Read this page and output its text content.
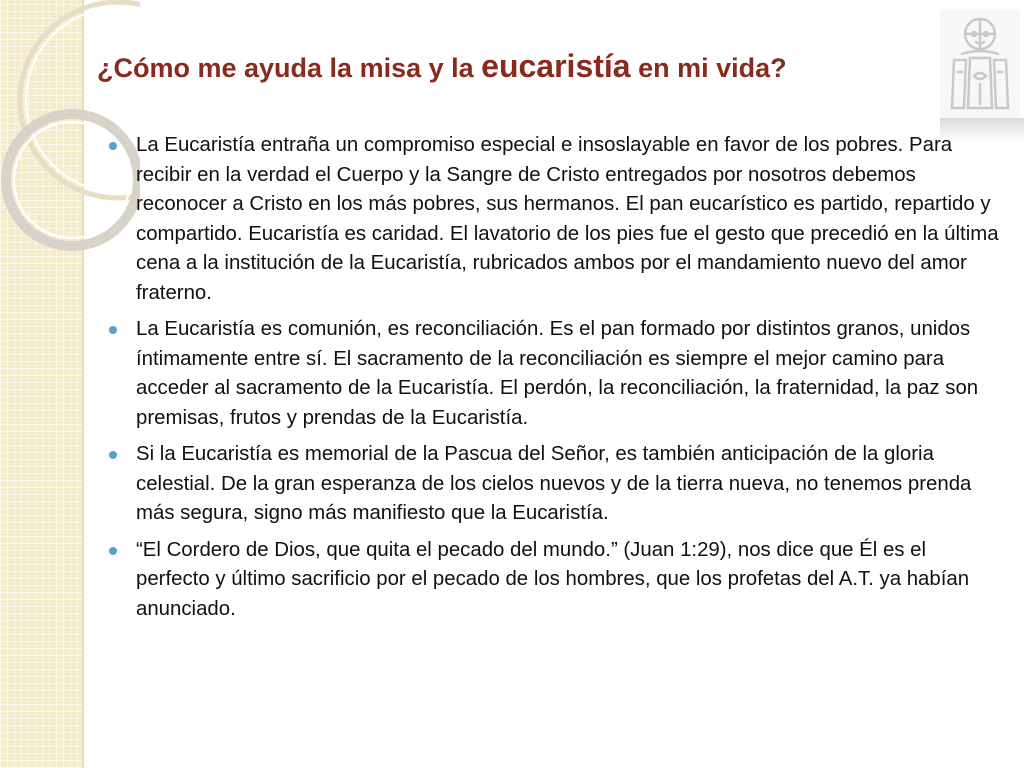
¿Cómo me ayuda la misa y la eucaristía en mi vida?
La Eucaristía entraña un compromiso especial e insoslayable en favor de los pobres. Para recibir en la verdad el Cuerpo y la Sangre de Cristo entregados por nosotros debemos reconocer a Cristo en los más pobres, sus hermanos. El pan eucarístico es partido, repartido y compartido. Eucaristía es caridad. El lavatorio de los pies fue el gesto que precedió en la última cena a la institución de la Eucaristía, rubricados ambos por el mandamiento nuevo del amor fraterno.
La Eucaristía es comunión, es reconciliación. Es el pan formado por distintos granos, unidos íntimamente entre sí. El sacramento de la reconciliación es siempre el mejor camino para acceder al sacramento de la Eucaristía. El perdón, la reconciliación, la fraternidad, la paz son premisas, frutos y prendas de la Eucaristía.
Si la Eucaristía es memorial de la Pascua del Señor, es también anticipación de la gloria celestial. De la gran esperanza de los cielos nuevos y de la tierra nueva, no tenemos prenda más segura, signo más manifiesto que la Eucaristía.
“El Cordero de Dios, que quita el pecado del mundo.” (Juan 1:29), nos dice que Él es el perfecto y último sacrificio por el pecado de los hombres, que los profetas del A.T. ya habían anunciado.
